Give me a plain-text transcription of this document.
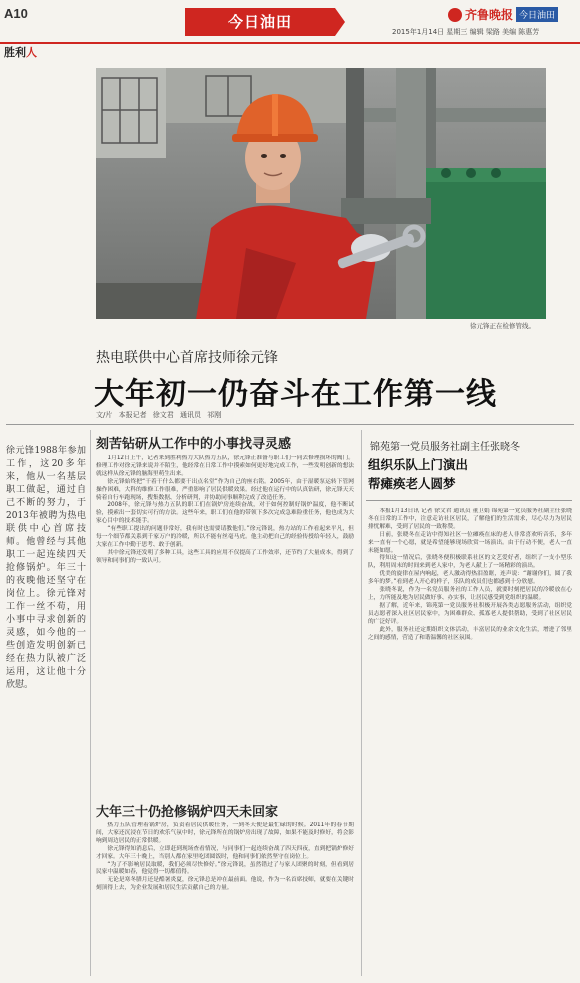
A10	今日油田	齐鲁晚报 今日油田
2015年1月14日 星期三 编辑 梁路 美编 陈惠芳
胜利人
徐元锋正在检修管线。
热电联供中心首席技师徐元锋
大年初一仍奋斗在工作第一线
文/片 本报记者 徐文君 通讯员 祁刚
徐元锋1988年参加工作，这20多年来，他从一名基层职工做起，通过自己不断的努力，于2013年被聘为热电联供中心首席技师。他曾经与其他职工一起连续四天抢修锅炉。年三十的夜晚他还坚守在岗位上。徐元锋对工作一丝不苟，用小事中寻求创新的灵感，如今他的一些创造发明创新已经在热力队被广泛运用，这让他十分欣慰。
刻苦钻研从工作中的小事找寻灵感

1月12日上午，记者来到胜利热力大队热力五队，徐元锋正准备与职工们一同去修理损坏的阀门。修理工作对徐元锋来说并不陌生，他经常在日常工作中摸索如何更好地完成工作，一些发明创新的想法就这样从徐元锋的脑海里萌生出来。

徐元锋始终把“干着干什么都要干出点名堂”作为自己的座右铭。2005年，由于湿暖泵运转下管网操作困难，大科的维修工作很难，严重影响了居民供暖效果。经过他在运行中的认真钻研，徐元锋天天骑着自行车跑现场，搜集数据、分析研判，并协助同事顺利完成了改造任务。

2008年，徐元锋与热力五队的职工们在锅炉房连续奋战，对于如何控制好锅炉温度，他不断试验，摸索出一套切实可行的方法。这些年来，职工们在他的带领下多次完成急难险重任务，他也成为大家心目中的技术能手。

“有些职工提出的问题非常好，我有时也需要请教他们。”徐元锋说，热力站的工作看起来平凡，但每一个细节都关系到千家万户的冷暖，所以不能有丝毫马虎。他主动把自己的经验传授给年轻人，鼓励大家在工作中勤于思考、敢于创新。

其中徐元锋还发明了多种工具，这些工具的应用不仅提高了工作效率，还节约了大量成本，得到了领导和同事们的一致认可。

大年三十仍抢修锅炉四天未回家

热力五队管理着锅炉房，负责着居民供暖任务，一到冬天便是最忙碌的时候。2011年的春节期间，大家还沉浸在节日的欢乐气氛中时，徐元锋所在的锅炉房出现了故障，如果不能及时修好，将会影响到周边居民的正常供暖。

徐元锋得知消息后，立即赶到现场查看情况，与同事们一起连续奋战了四天四夜，直到把锅炉修好才回家。大年三十晚上，当别人都在家里吃团圆饭时，他和同事们依然坚守在岗位上。

“为了不影响居民取暖，我们必须尽快修好。”徐元锋说，虽然错过了与家人团聚的时刻，但看到居民家中温暖如春，他觉得一切都值得。

无论是寒冬腊月还是酷暑炎夏，徐元锋总是冲在最前面。他说，作为一名首席技师，就要在关键时刻顶得上去，为企业发展和居民生活贡献自己的力量。

锦苑第一党员服务社副主任张晓冬
组织乐队上门演出
帮瘫痪老人圆梦

本报1月13日讯 记者 徐文君 通讯员 董卫娟 锦苑第一党员服务社副主任张晓冬在日常的工作中，注意走访社区居民，了解他们的生活需求，尽心尽力为居民排忧解难，受到了居民的一致称赞。

日前，张晓冬在走访中得知社区一位瘫痪在床的老人非常喜欢听音乐，多年来一直有一个心愿，就是希望能够现场欣赏一场演出。由于行动不便，老人一直未能如愿。

得知这一情况后，张晓冬便积极联系社区的文艺爱好者，组织了一支小型乐队，利用周末的时间来到老人家中，为老人献上了一场精彩的演出。

优美的旋律在屋内响起，老人激动得热泪盈眶，连声说：“谢谢你们，圆了我多年的梦。”看到老人开心的样子，乐队的成员们也都感到十分欣慰。

张晓冬说，作为一名党员服务社的工作人员，就要时刻把居民的冷暖放在心上，力所能及地为居民做好事、办实事，让居民感受到党组织的温暖。

据了解，近年来，锦苑第一党员服务社积极开展各类志愿服务活动，组织党员志愿者深入社区居民家中，为困难群众、孤寡老人提供帮助，受到了社区居民的广泛好评。

此外，服务社还定期组织文体活动，丰富居民的业余文化生活，增进了邻里之间的感情，营造了和谐温馨的社区氛围。
